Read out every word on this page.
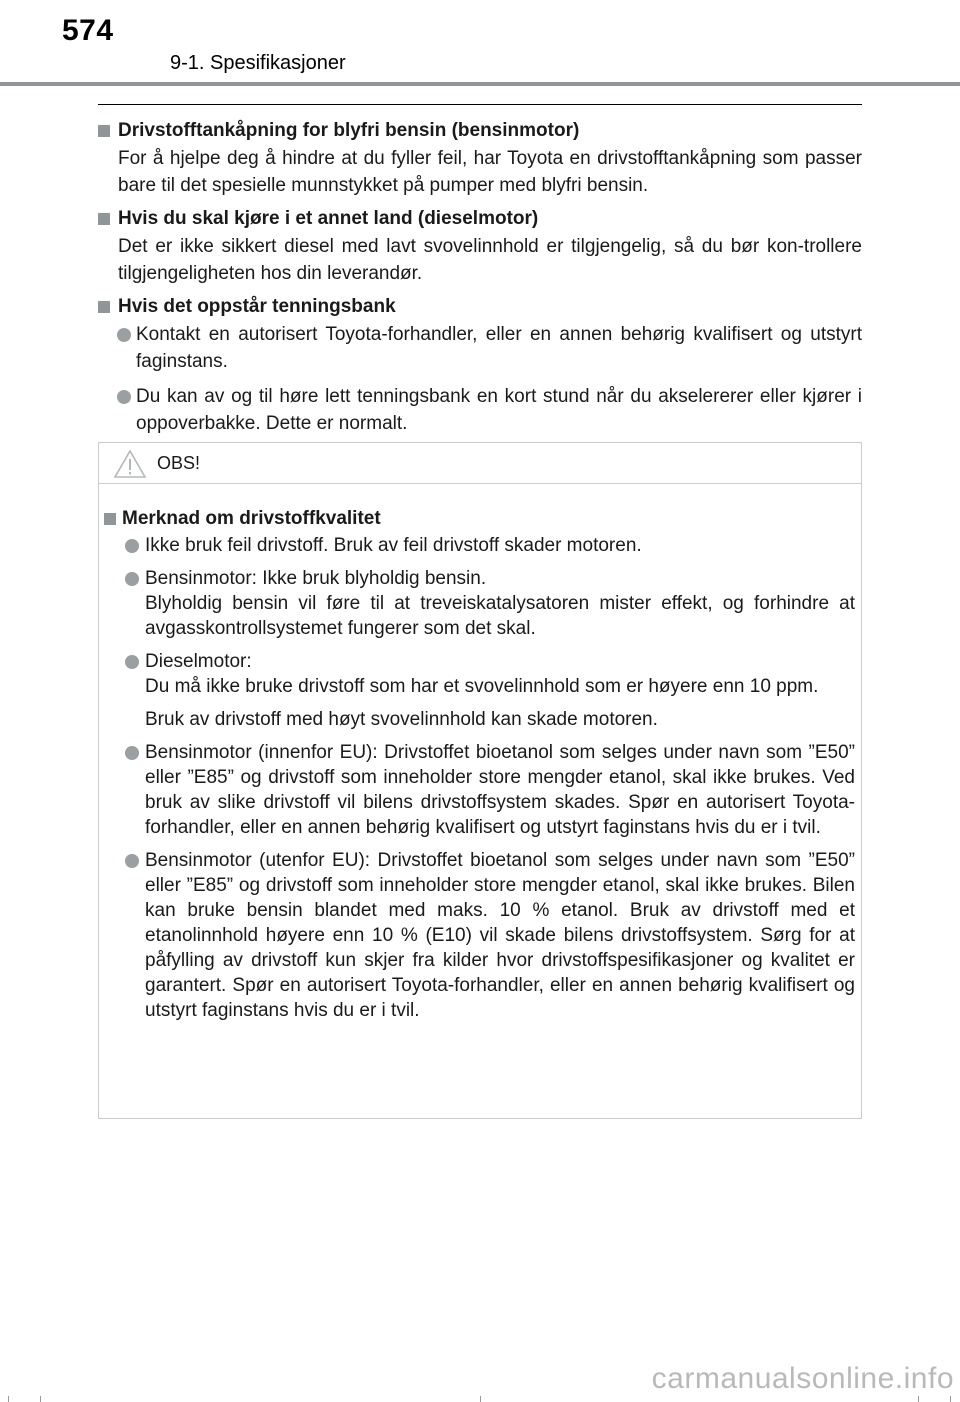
574
9-1. Spesifikasjoner
Drivstofftankåpning for blyfri bensin (bensinmotor)
For å hjelpe deg å hindre at du fyller feil, har Toyota en drivstofftankåpning som passer bare til det spesielle munnstykket på pumper med blyfri bensin.
Hvis du skal kjøre i et annet land (dieselmotor)
Det er ikke sikkert diesel med lavt svovelinnhold er tilgjengelig, så du bør kon-trollere tilgjengeligheten hos din leverandør.
Hvis det oppstår tenningsbank
Kontakt en autorisert Toyota-forhandler, eller en annen behørig kvalifisert og utstyrt faginstans.
Du kan av og til høre lett tenningsbank en kort stund når du akselererer eller kjører i oppoverbakke. Dette er normalt.
OBS!
Merknad om drivstoffkvalitet
Ikke bruk feil drivstoff. Bruk av feil drivstoff skader motoren.
Bensinmotor: Ikke bruk blyholdig bensin.
Blyholdig bensin vil føre til at treveiskatalysatoren mister effekt, og forhindre at avgasskontrollsystemet fungerer som det skal.
Dieselmotor:
Du må ikke bruke drivstoff som har et svovelinnhold som er høyere enn 10 ppm.
Bruk av drivstoff med høyt svovelinnhold kan skade motoren.
Bensinmotor (innenfor EU): Drivstoffet bioetanol som selges under navn som ”E50” eller ”E85” og drivstoff som inneholder store mengder etanol, skal ikke brukes. Ved bruk av slike drivstoff vil bilens drivstoffsystem skades. Spør en autorisert Toyota-forhandler, eller en annen behørig kvalifisert og utstyrt faginstans hvis du er i tvil.
Bensinmotor (utenfor EU): Drivstoffet bioetanol som selges under navn som ”E50” eller ”E85” og drivstoff som inneholder store mengder etanol, skal ikke brukes. Bilen kan bruke bensin blandet med maks. 10 % etanol. Bruk av drivstoff med et etanolinnhold høyere enn 10 % (E10) vil skade bilens drivstoffsystem. Sørg for at påfylling av drivstoff kun skjer fra kilder hvor drivstoffspesifikasjoner og kvalitet er garantert. Spør en autorisert Toyota-forhandler, eller en annen behørig kvalifisert og utstyrt faginstans hvis du er i tvil.
carmanualsonline.info
